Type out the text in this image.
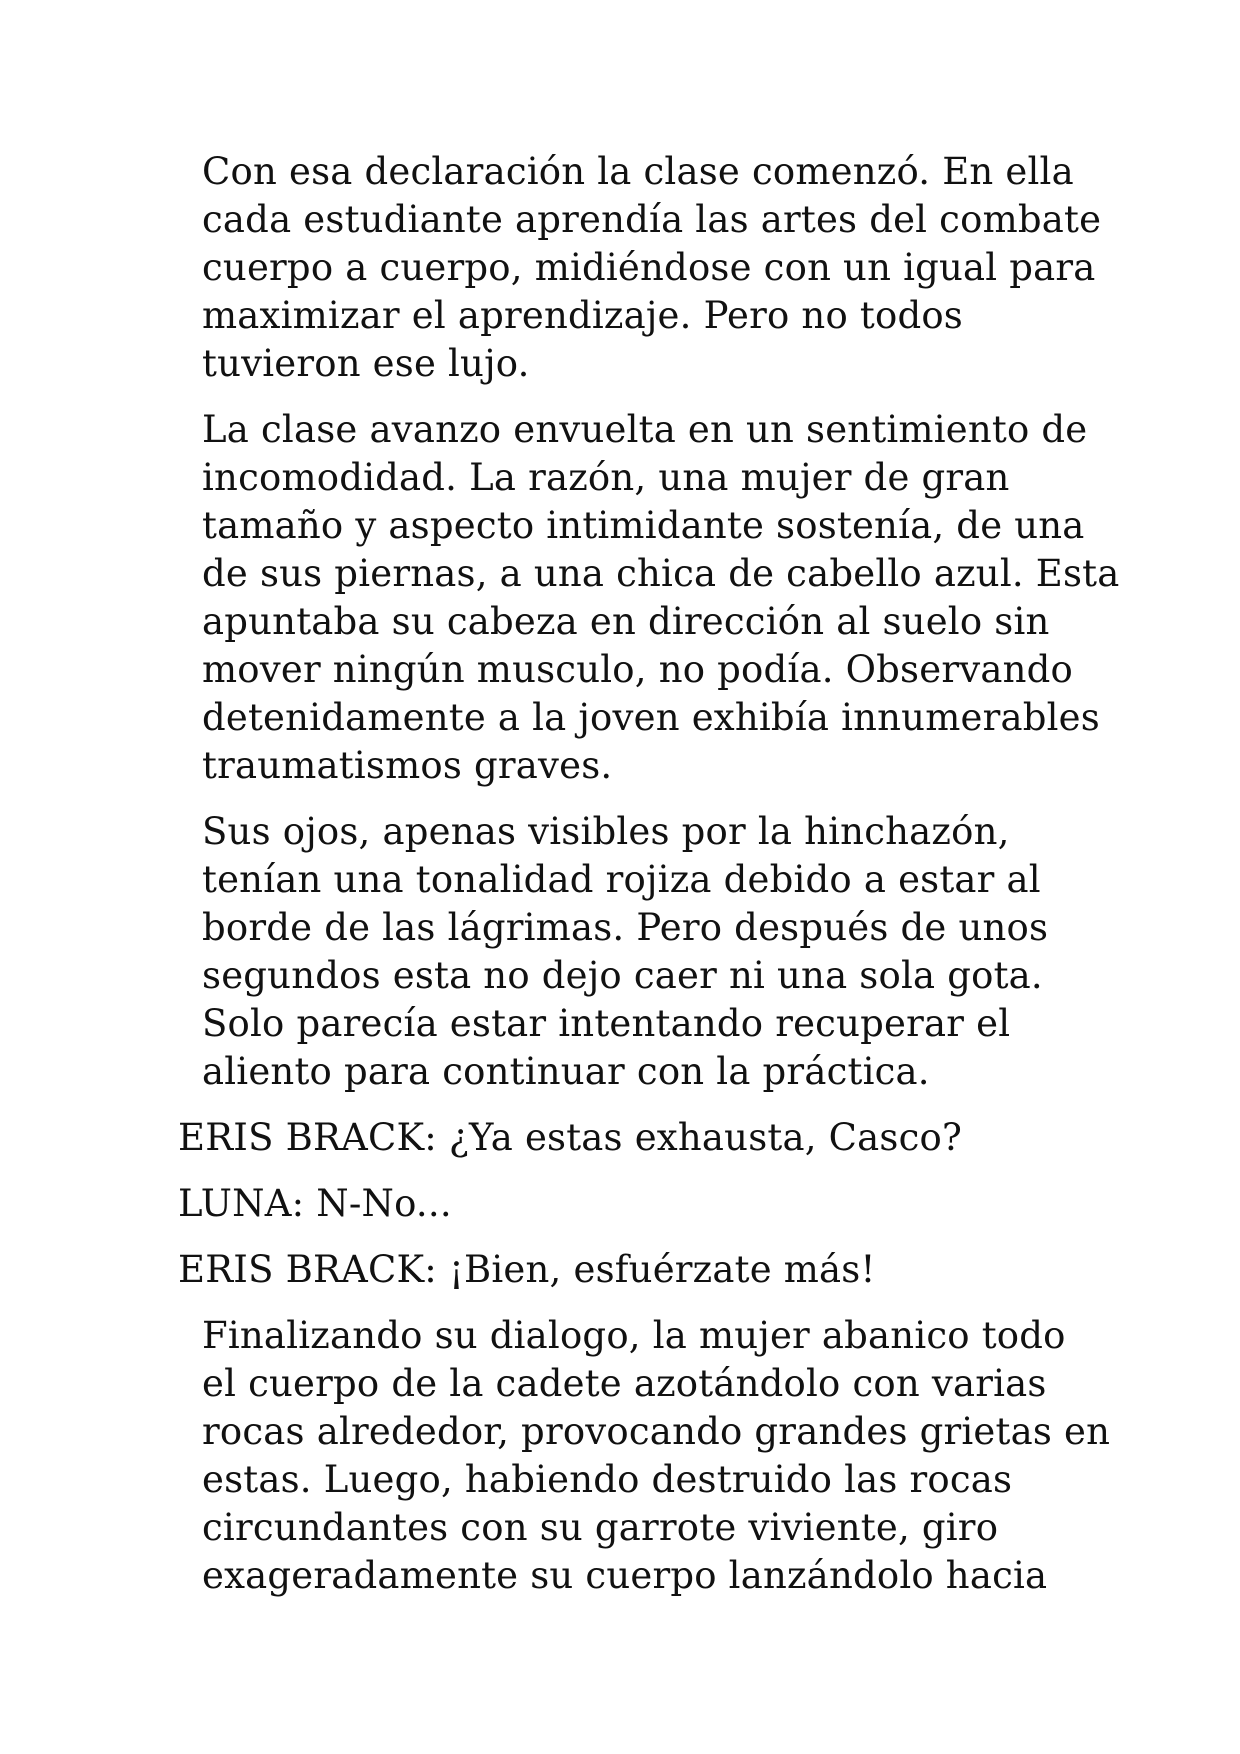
Con esa declaración la clase comenzó. En ella
cada estudiante aprendía las artes del combate
cuerpo a cuerpo, midiéndose con un igual para
maximizar el aprendizaje. Pero no todos
tuvieron ese lujo.

La clase avanzo envuelta en un sentimiento de
incomodidad. La razón, una mujer de gran
tamaño y aspecto intimidante sostenía, de una
de sus piernas, a una chica de cabello azul. Esta
apuntaba su cabeza en dirección al suelo sin
mover ningún musculo, no podía. Observando
detenidamente a la joven exhibía innumerables
traumatismos graves.

Sus ojos, apenas visibles por la hinchazón,
tenían una tonalidad rojiza debido a estar al
borde de las lágrimas. Pero después de unos
segundos esta no dejo caer ni una sola gota.
Solo parecía estar intentando recuperar el
aliento para continuar con la práctica.

ERIS BRACK: ¿Ya estas exhausta, Casco?

LUNA: N-No...

ERIS BRACK: ¡Bien, esfuérzate más!

Finalizando su dialogo, la mujer abanico todo
el cuerpo de la cadete azotándolo con varias
rocas alrededor, provocando grandes grietas en
estas. Luego, habiendo destruido las rocas
circundantes con su garrote viviente, giro
exageradamente su cuerpo lanzándolo hacia
